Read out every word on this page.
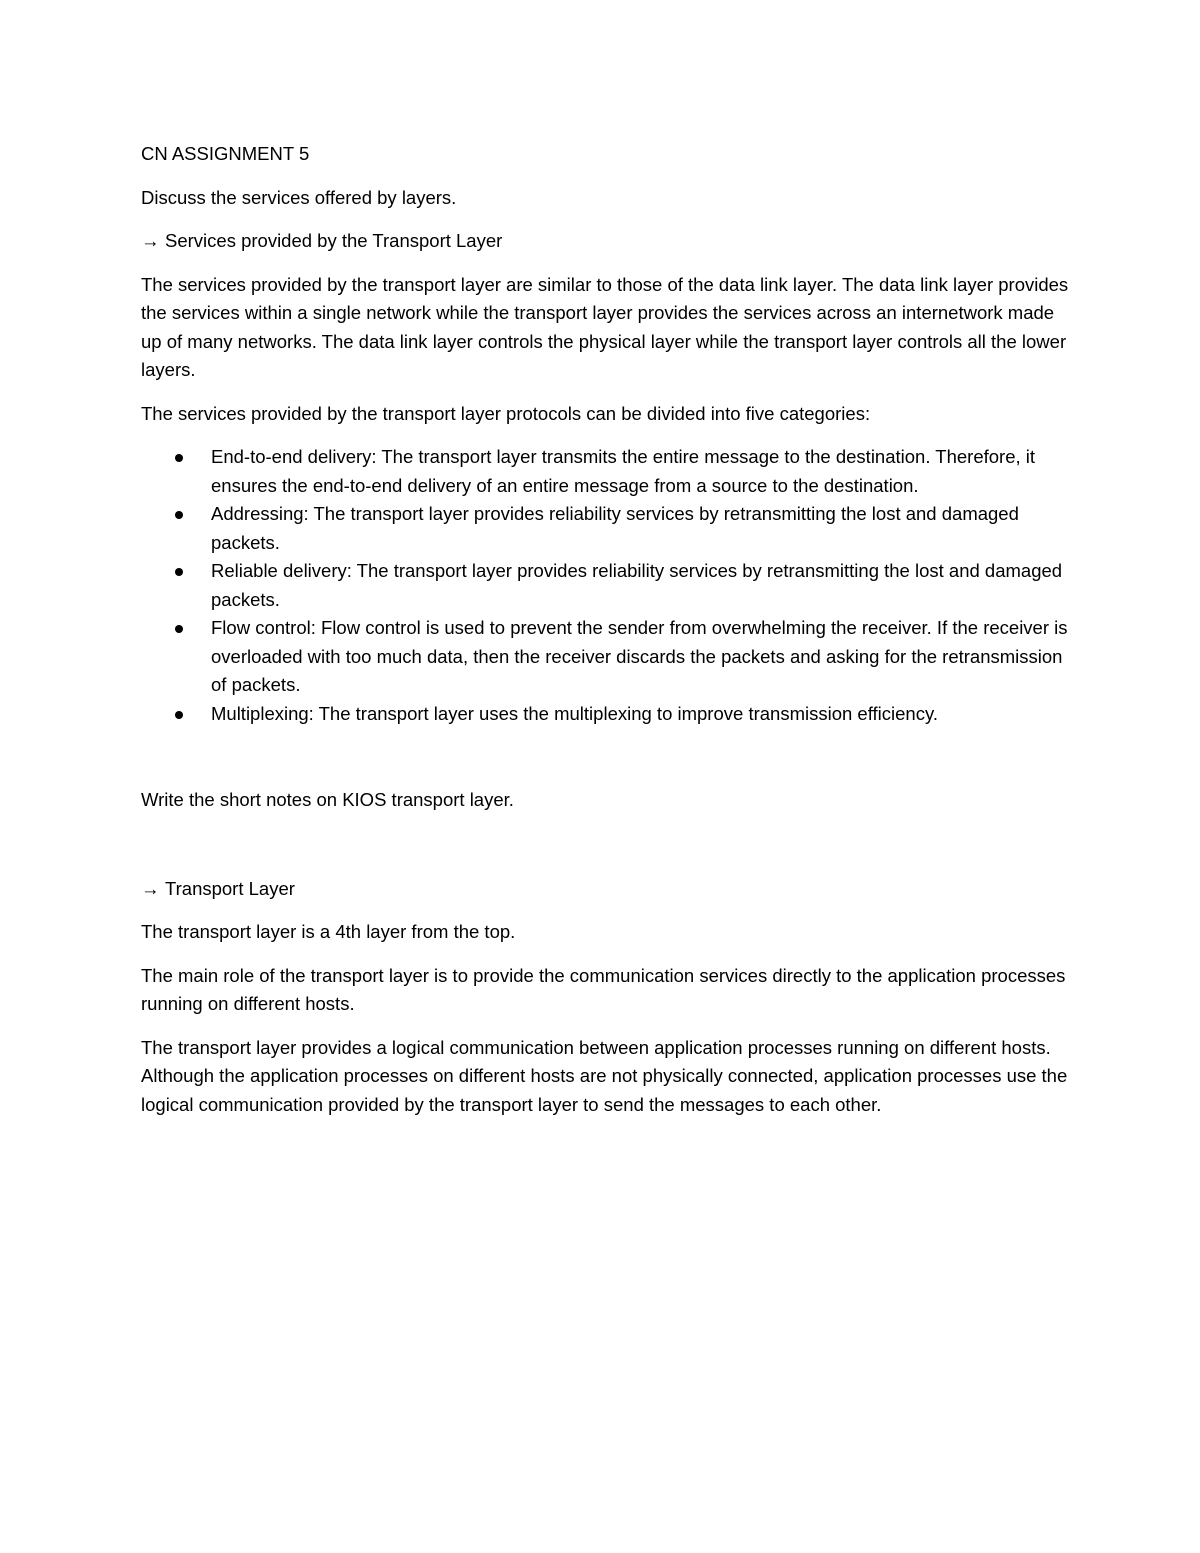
CN ASSIGNMENT 5

Discuss the services offered by layers.

→ Services provided by the Transport Layer

The services provided by the transport layer are similar to those of the data link layer. The data link layer provides the services within a single network while the transport layer provides the services across an internetwork made up of many networks. The data link layer controls the physical layer while the transport layer controls all the lower layers.

The services provided by the transport layer protocols can be divided into five categories:

End-to-end delivery: The transport layer transmits the entire message to the destination. Therefore, it ensures the end-to-end delivery of an entire message from a source to the destination.
Addressing: The transport layer provides reliability services by retransmitting the lost and damaged packets.
Reliable delivery: The transport layer provides reliability services by retransmitting the lost and damaged packets.
Flow control: Flow control is used to prevent the sender from overwhelming the receiver. If the receiver is overloaded with too much data, then the receiver discards the packets and asking for the retransmission of packets.
Multiplexing: The transport layer uses the multiplexing to improve transmission efficiency.

Write the short notes on KIOS transport layer.

→ Transport Layer

The transport layer is a 4th layer from the top.

The main role of the transport layer is to provide the communication services directly to the application processes running on different hosts.

The transport layer provides a logical communication between application processes running on different hosts. Although the application processes on different hosts are not physically connected, application processes use the logical communication provided by the transport layer to send the messages to each other.
